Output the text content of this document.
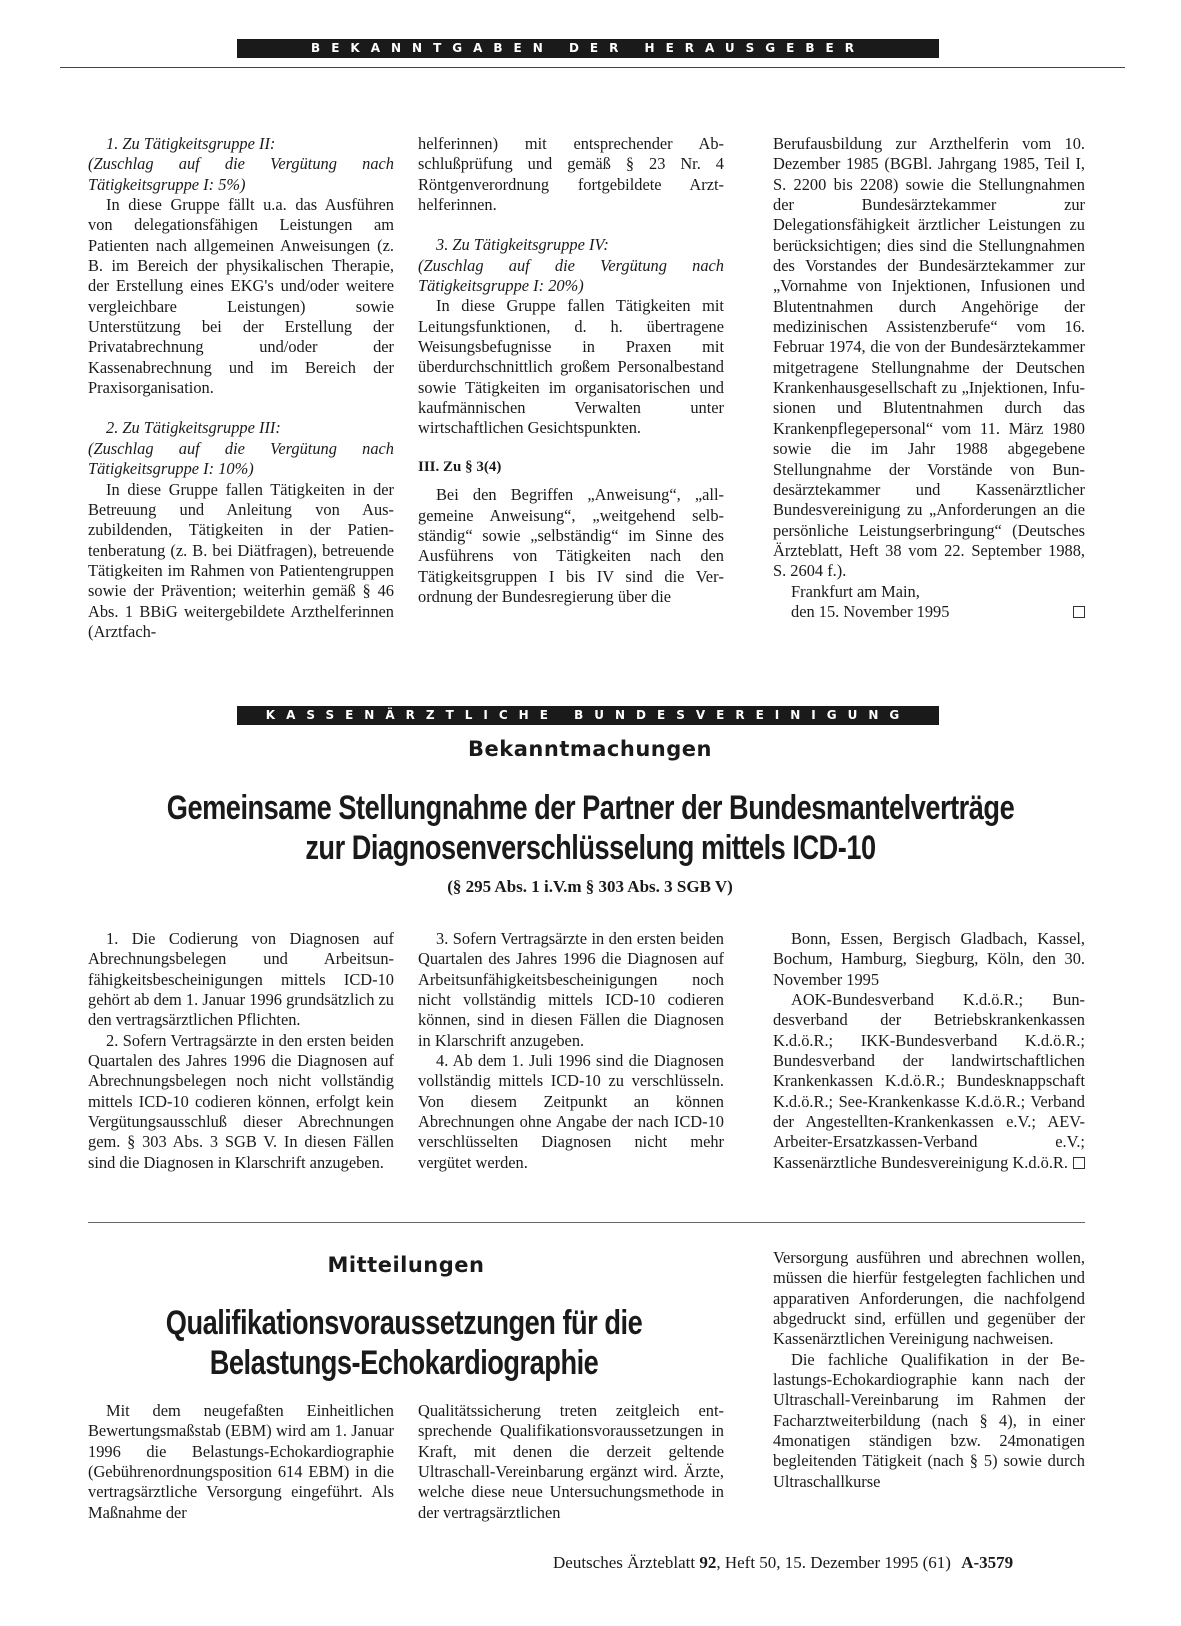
BEKANNTGABEN DER HERAUSGEBER
1. Zu Tätigkeitsgruppe II:
(Zuschlag auf die Vergütung nach Tätigkeitsgruppe I: 5%)

In diese Gruppe fällt u.a. das Ausführen von delegationsfähigen Leistungen am Patienten nach allgemeinen Anweisungen (z. B. im Bereich der physikalischen Therapie, der Erstellung eines EKG's und/oder weitere vergleichbare Leistungen) sowie Unterstützung bei der Erstellung der Privatabrechnung und/oder der Kassenabrechnung und im Bereich der Praxisorganisation.

2. Zu Tätigkeitsgruppe III:
(Zuschlag auf die Vergütung nach Tätigkeitsgruppe I: 10%)

In diese Gruppe fallen Tätigkeiten in der Betreuung und Anleitung von Auszubildenden, Tätigkeiten in der Patientenberatung (z. B. bei Diätfragen), betreuende Tätigkeiten im Rahmen von Patientengruppen sowie der Prävention; weiterhin gemäß § 46 Abs. 1 BBiG weitergebildete Arzthelferinnen (Arztfach-

helferinnen) mit entsprechender Abschlußprüfung und gemäß § 23 Nr. 4 Röntgenverordnung fortgebildete Arzthelferinnen.

3. Zu Tätigkeitsgruppe IV:
(Zuschlag auf die Vergütung nach Tätigkeitsgruppe I: 20%)

In diese Gruppe fallen Tätigkeiten mit Leitungsfunktionen, d. h. übertragene Weisungsbefugnisse in Praxen mit überdurchschnittlich großem Personalbestand sowie Tätigkeiten im organisatorischen und kaufmännischen Verwalten unter wirtschaftlichen Gesichtspunkten.

III. Zu § 3(4)

Bei den Begriffen „Anweisung“, „allgemeine Anweisung“, „weitgehend selbständig“ sowie „selbständig“ im Sinne des Ausführens von Tätigkeiten nach den Tätigkeitsgruppen I bis IV sind die Verordnung der Bundesregierung über die

Berufausbildung zur Arzthelferin vom 10. Dezember 1985 (BGBl. Jahrgang 1985, Teil I, S. 2200 bis 2208) sowie die Stellungnahmen der Bundesärztekammer zur Delegationsfähigkeit ärztlicher Leistungen zu berücksichtigen; dies sind die Stellungnahmen des Vorstandes der Bundesärztekammer zur „Vornahme von Injektionen, Infusionen und Blutentnahmen durch Angehörige der medizinischen Assistenzberufe“ vom 16. Februar 1974, die von der Bundesärztekammer mitgetragene Stellungnahme der Deutschen Krankenhausgesellschaft zu „Injektionen, Infusionen und Blutentnahmen durch das Krankenpflegepersonal“ vom 11. März 1980 sowie die im Jahr 1988 abgegebene Stellungnahme der Vorstände von Bundesärztekammer und Kassenärztlicher Bundesvereinigung zu „Anforderungen an die persönliche Leistungserbringung“ (Deutsches Ärzteblatt, Heft 38 vom 22. September 1988, S. 2604 f.).

Frankfurt am Main,

den 15. November 1995

KASSENÄRZTLICHE BUNDESVEREINIGUNG
Bekanntmachungen
Gemeinsame Stellungnahme der Partner der Bundesmantelverträge
zur Diagnosenverschlüsselung mittels ICD-10
(§ 295 Abs. 1 i.V.m § 303 Abs. 3 SGB V)

1. Die Codierung von Diagnosen auf Abrechnungsbelegen und Arbeitsunfähigkeitsbescheinigungen mittels ICD-10 gehört ab dem 1. Januar 1996 grundsätzlich zu den vertragsärztlichen Pflichten.

2. Sofern Vertragsärzte in den ersten beiden Quartalen des Jahres 1996 die Diagnosen auf Abrechnungsbelegen noch nicht vollständig mittels ICD-10 codieren können, erfolgt kein Vergütungsausschluß dieser Abrechnungen gem. § 303 Abs. 3 SGB V. In diesen Fällen sind die Diagnosen in Klarschrift anzugeben.

3. Sofern Vertragsärzte in den ersten beiden Quartalen des Jahres 1996 die Diagnosen auf Arbeitsunfähigkeitsbescheinigungen noch nicht vollständig mittels ICD-10 codieren können, sind in diesen Fällen die Diagnosen in Klarschrift anzugeben.

4. Ab dem 1. Juli 1996 sind die Diagnosen vollständig mittels ICD-10 zu verschlüsseln. Von diesem Zeitpunkt an können Abrechnungen ohne Angabe der nach ICD-10 verschlüsselten Diagnosen nicht mehr vergütet werden.

Bonn, Essen, Bergisch Gladbach, Kassel, Bochum, Hamburg, Siegburg, Köln, den 30. November 1995

AOK-Bundesverband K.d.ö.R.; Bundesverband der Betriebskrankenkassen K.d.ö.R.; IKK-Bundesverband K.d.ö.R.; Bundesverband der landwirtschaftlichen Krankenkassen K.d.ö.R.; Bundesknappschaft K.d.ö.R.; See-Krankenkasse K.d.ö.R.; Verband der Angestellten-Krankenkassen e.V.; AEV-Arbeiter-Ersatzkassen-Verband e.V.; Kassenärztliche Bundesvereinigung K.d.ö.R.

Mitteilungen
Qualifikationsvoraussetzungen für die
Belastungs-Echokardiographie

Mit dem neugefaßten Einheitlichen Bewertungsmaßstab (EBM) wird am 1. Januar 1996 die Belastungs-Echokardiographie (Gebührenordnungsposition 614 EBM) in die vertragsärztliche Versorgung eingeführt. Als Maßnahme der

Qualitätssicherung treten zeitgleich entsprechende Qualifikationsvoraussetzungen in Kraft, mit denen die derzeit geltende Ultraschall-Vereinbarung ergänzt wird. Ärzte, welche diese neue Untersuchungsmethode in der vertragsärztlichen

Versorgung ausführen und abrechnen wollen, müssen die hierfür festgelegten fachlichen und apparativen Anforderungen, die nachfolgend abgedruckt sind, erfüllen und gegenüber der Kassenärztlichen Vereinigung nachweisen.

Die fachliche Qualifikation in der Belastungs-Echokardiographie kann nach der Ultraschall-Vereinbarung im Rahmen der Facharztweiterbildung (nach § 4), in einer 4monatigen ständigen bzw. 24monatigen begleitenden Tätigkeit (nach § 5) sowie durch Ultraschallkurse

Deutsches Ärzteblatt 92, Heft 50, 15. Dezember 1995 (61) A-3579
